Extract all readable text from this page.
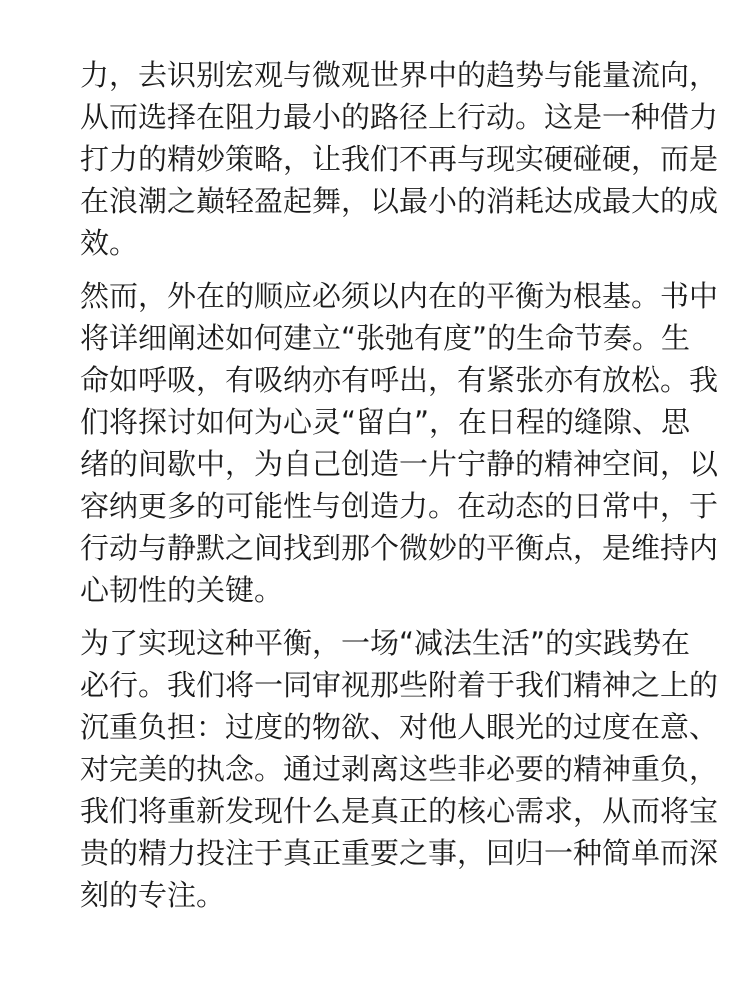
力，去识别宏观与微观世界中的趋势与能量流向，
从而选择在阻力最小的路径上行动。这是一种借力
打力的精妙策略，让我们不再与现实硬碰硬，而是
在浪潮之巅轻盈起舞，以最小的消耗达成最大的成
效。
然而，外在的顺应必须以内在的平衡为根基。书中
将详细阐述如何建立“张弛有度”的生命节奏。生
命如呼吸，有吸纳亦有呼出，有紧张亦有放松。我
们将探讨如何为心灵“留白”，在日程的缝隙、思
绪的间歇中，为自己创造一片宁静的精神空间，以
容纳更多的可能性与创造力。在动态的日常中，于
行动与静默之间找到那个微妙的平衡点，是维持内
心韧性的关键。
为了实现这种平衡，一场“减法生活”的实践势在
必行。我们将一同审视那些附着于我们精神之上的
沉重负担：过度的物欲、对他人眼光的过度在意、
对完美的执念。通过剥离这些非必要的精神重负，
我们将重新发现什么是真正的核心需求，从而将宝
贵的精力投注于真正重要之事，回归一种简单而深
刻的专注。
